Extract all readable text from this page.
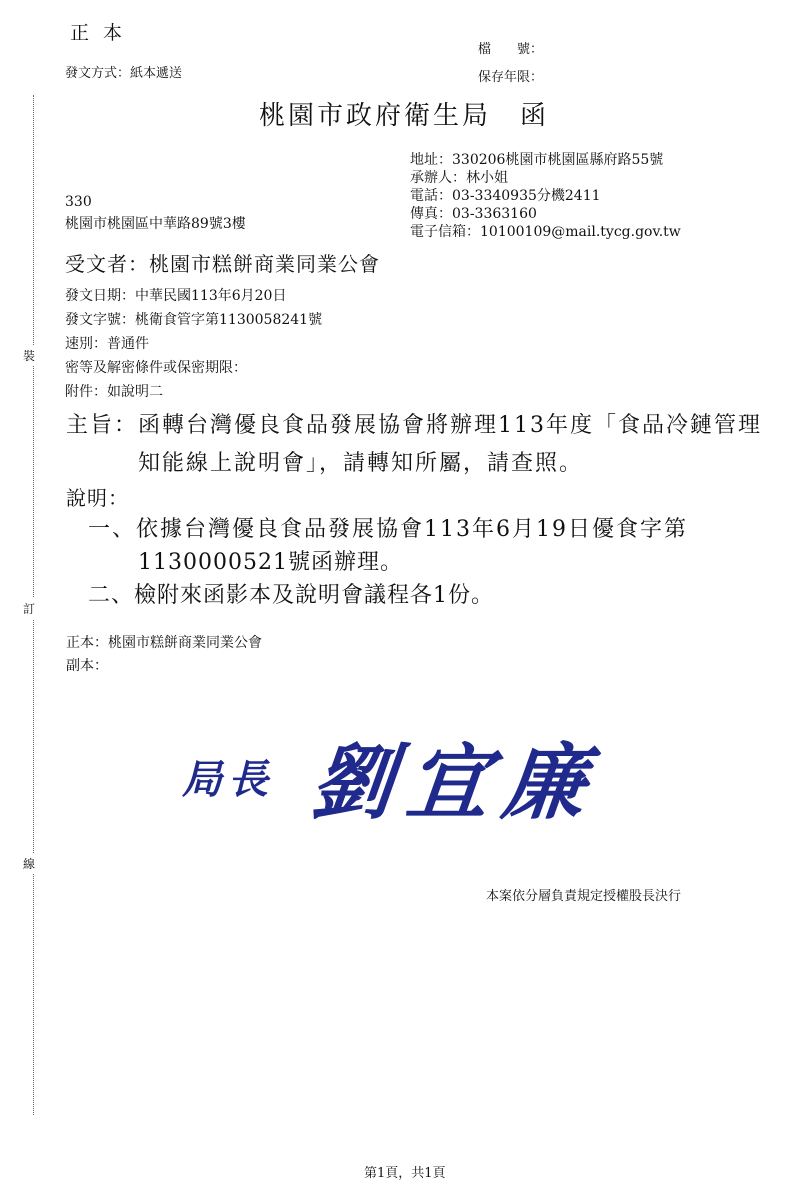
裝
訂
線
正 本
檔　　號：
發文方式：紙本遞送	保存年限：
桃園市政府衛生局　函
地址：330206桃園市桃園區縣府路55號
承辦人：林小姐
電話：03-3340935分機2411
傳真：03-3363160
電子信箱：10100109@mail.tycg.gov.tw
330
桃園市桃園區中華路89號3樓
受文者：桃園市糕餅商業同業公會
發文日期：中華民國113年6月20日
發文字號：桃衛食管字第1130058241號
速別：普通件
密等及解密條件或保密期限：
附件：如說明二
主旨：函轉台灣優良食品發展協會將辦理113年度「食品冷鏈管理
知能線上說明會」，請轉知所屬，請查照。
說明：
一、依據台灣優良食品發展協會113年6月19日優食字第
1130000521號函辦理。
二、檢附來函影本及說明會議程各1份。
正本：桃園市糕餅商業同業公會
副本：
局長 劉宜廉
本案依分層負責規定授權股長決行
第1頁，共1頁
